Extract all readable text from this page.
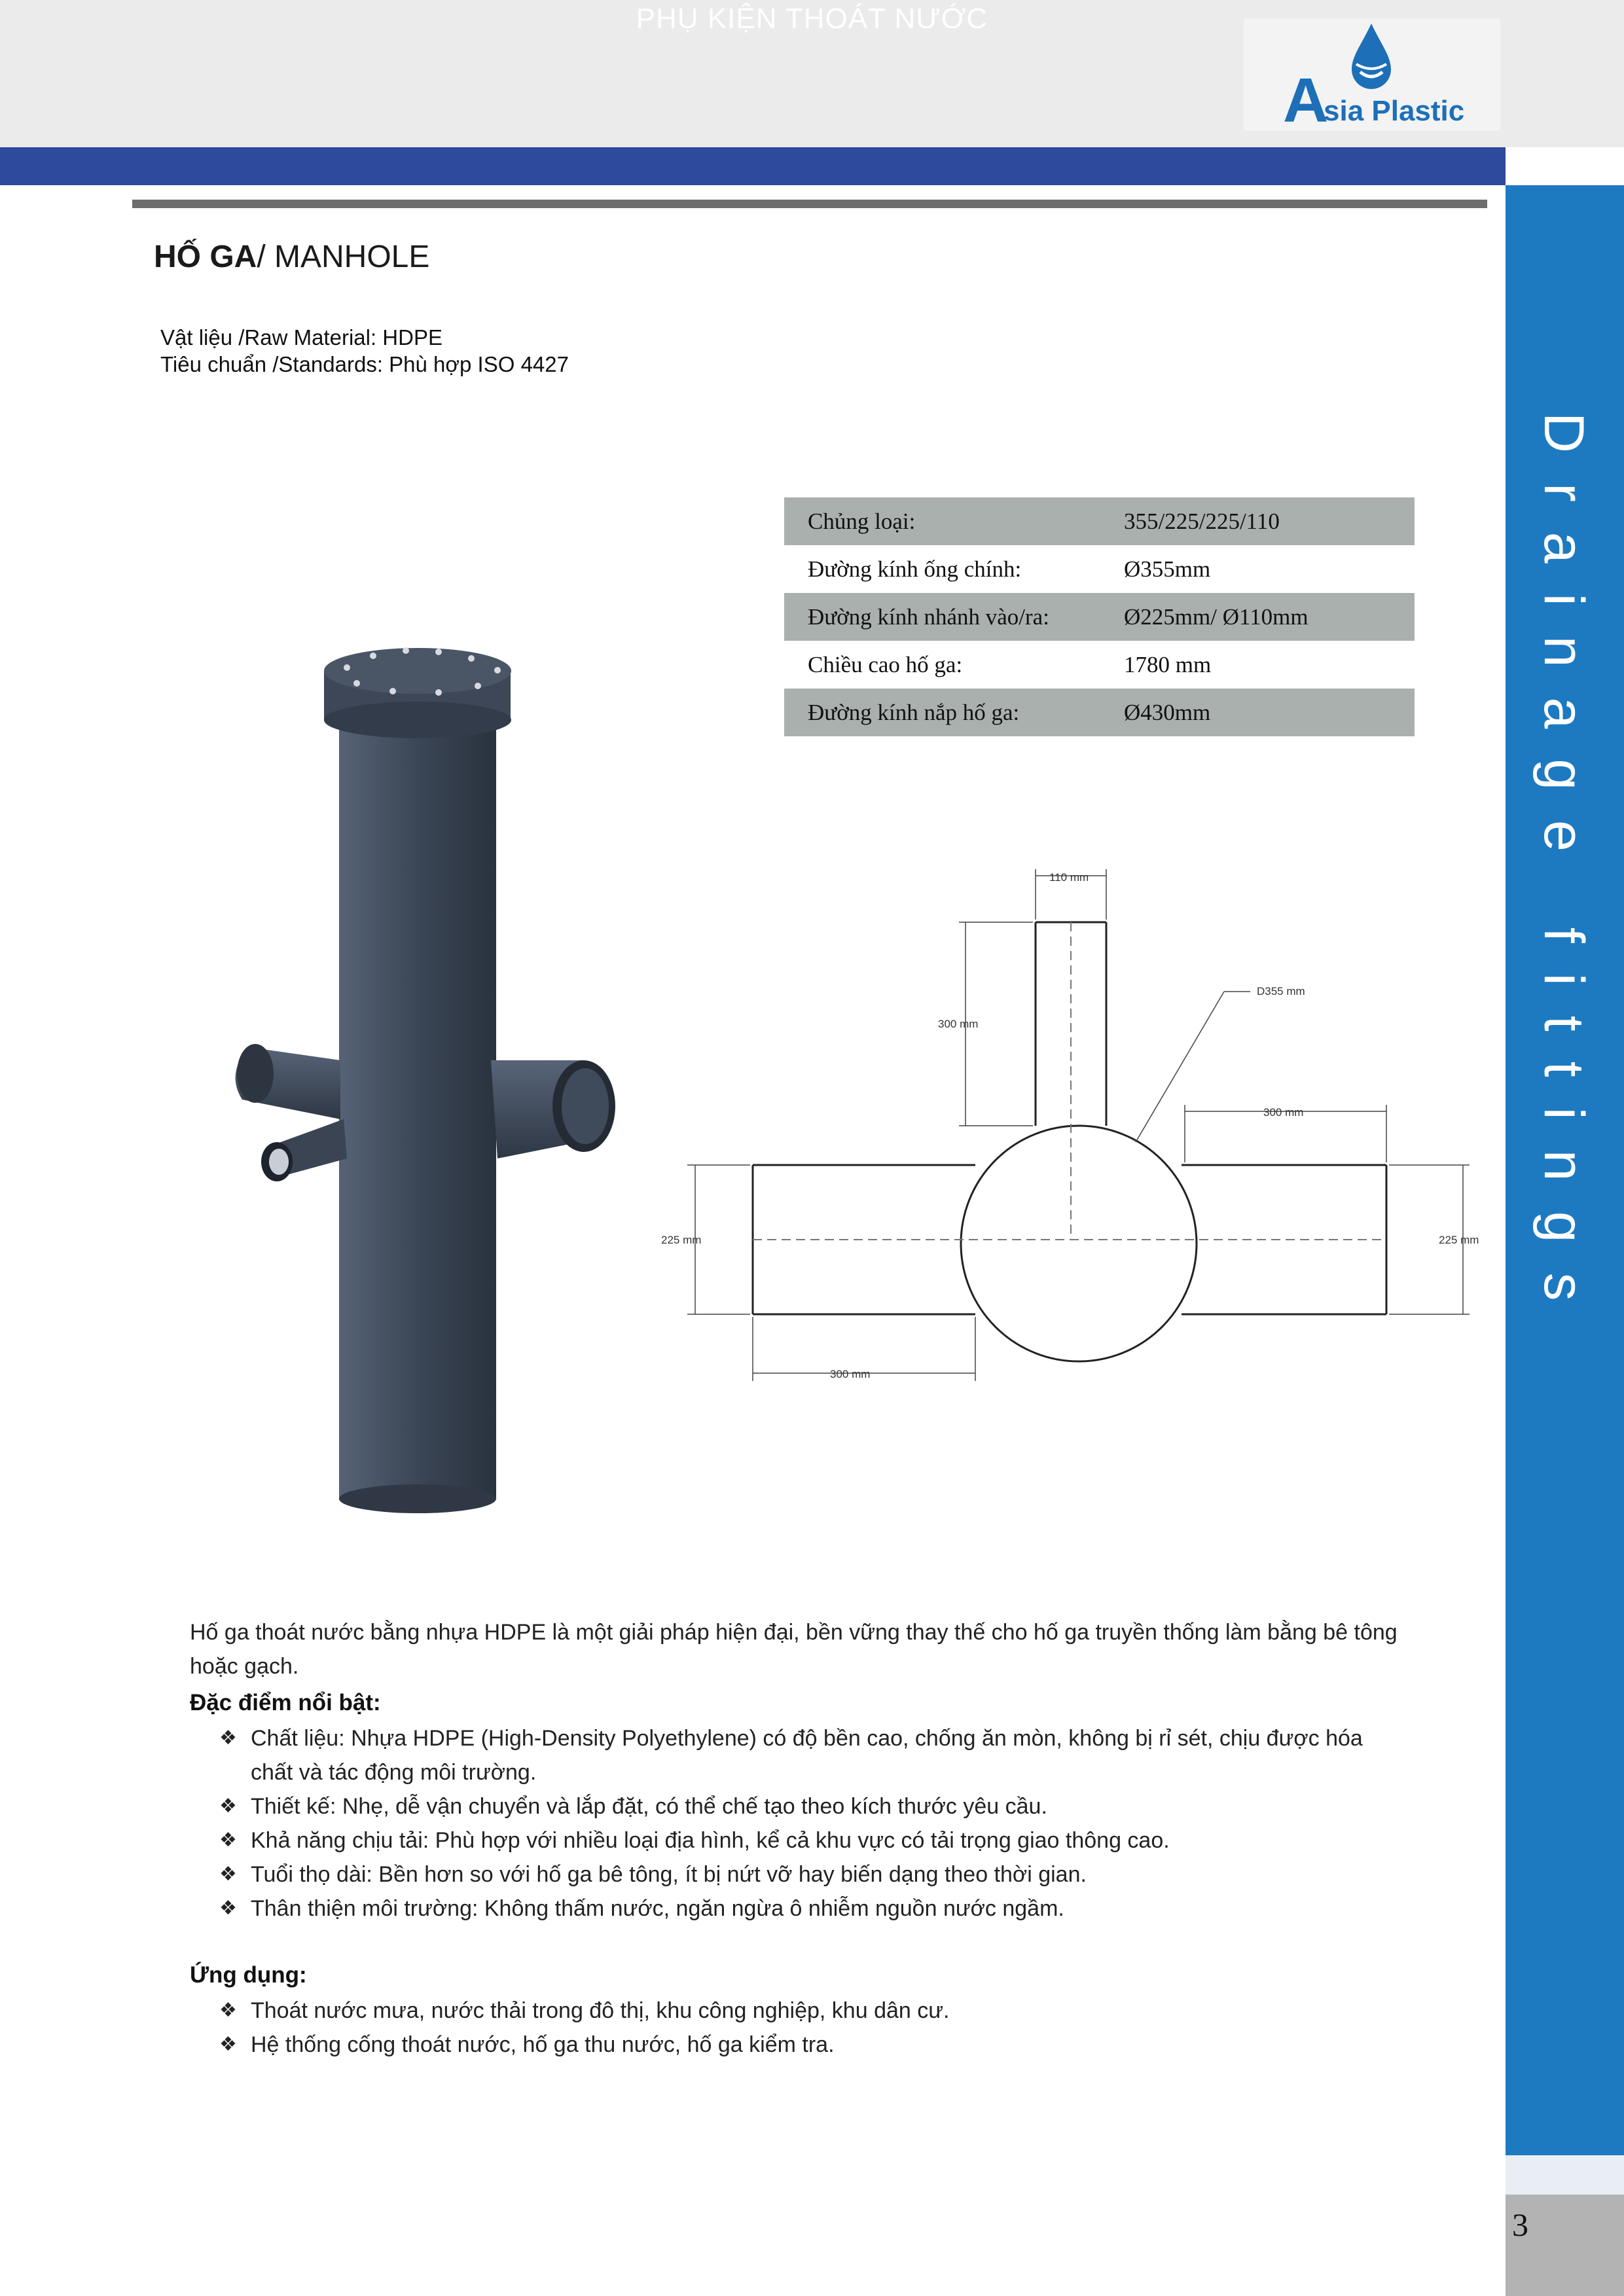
A
sia Plastic
PHỤ KIỆN THOÁT NƯỚC
Drainage fittings
3
HỐ GA/ MANHOLE
Vật liệu /Raw Material: HDPE
Tiêu chuẩn /Standards: Phù hợp ISO 4427
Chủng loại:	355/225/225/110
Đường kính ống chính:	Ø355mm
Đường kính nhánh vào/ra:	Ø225mm/ Ø110mm
Chiều cao hố ga:	1780 mm
Đường kính nắp hố ga:	Ø430mm
110 mm
300 mm
D355 mm
300 mm
225 mm	225 mm
300 mm
Hố ga thoát nước bằng nhựa HDPE là một giải pháp hiện đại, bền vững thay thế cho hố ga truyền thống làm bằng bê tông hoặc gạch.
Đặc điểm nổi bật:
❖ Chất liệu: Nhựa HDPE (High-Density Polyethylene) có độ bền cao, chống ăn mòn, không bị rỉ sét, chịu được hóa chất và tác động môi trường.
❖ Thiết kế: Nhẹ, dễ vận chuyển và lắp đặt, có thể chế tạo theo kích thước yêu cầu.
❖ Khả năng chịu tải: Phù hợp với nhiều loại địa hình, kể cả khu vực có tải trọng giao thông cao.
❖ Tuổi thọ dài: Bền hơn so với hố ga bê tông, ít bị nứt vỡ hay biến dạng theo thời gian.
❖ Thân thiện môi trường: Không thấm nước, ngăn ngừa ô nhiễm nguồn nước ngầm.
Ứng dụng:
❖ Thoát nước mưa, nước thải trong đô thị, khu công nghiệp, khu dân cư.
❖ Hệ thống cống thoát nước, hố ga thu nước, hố ga kiểm tra.
